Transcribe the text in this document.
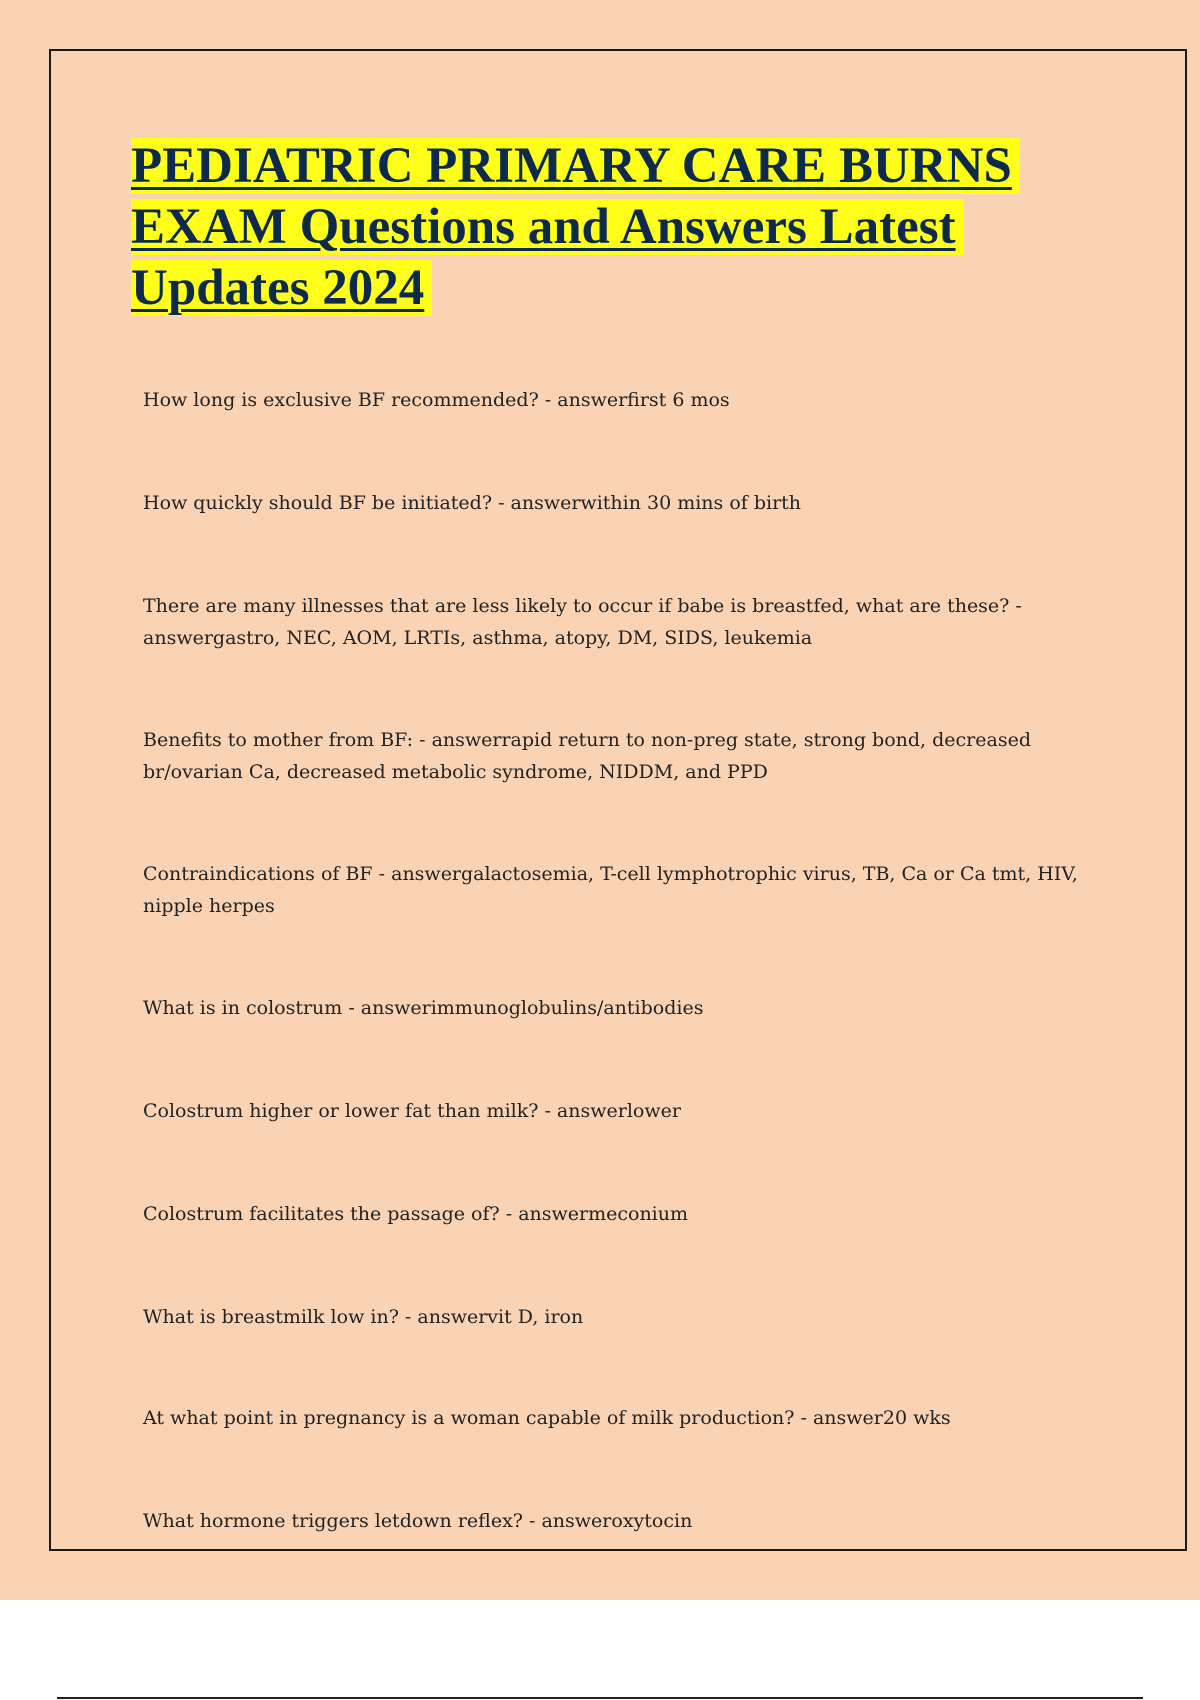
PEDIATRIC PRIMARY CARE BURNS
EXAM Questions and Answers Latest
Updates 2024
How long is exclusive BF recommended? - answerfirst 6 mos
How quickly should BF be initiated? - answerwithin 30 mins of birth
There are many illnesses that are less likely to occur if babe is breastfed, what are these? - answergastro, NEC, AOM, LRTIs, asthma, atopy, DM, SIDS, leukemia
Benefits to mother from BF: - answerrapid return to non-preg state, strong bond, decreased br/ovarian Ca, decreased metabolic syndrome, NIDDM, and PPD
Contraindications of BF - answergalactosemia, T-cell lymphotrophic virus, TB, Ca or Ca tmt, HIV, nipple herpes
What is in colostrum - answerimmunoglobulins/antibodies
Colostrum higher or lower fat than milk? - answerlower
Colostrum facilitates the passage of? - answermeconium
What is breastmilk low in? - answervit D, iron
At what point in pregnancy is a woman capable of milk production? - answer20 wks
What hormone triggers letdown reflex? - answeroxytocin
